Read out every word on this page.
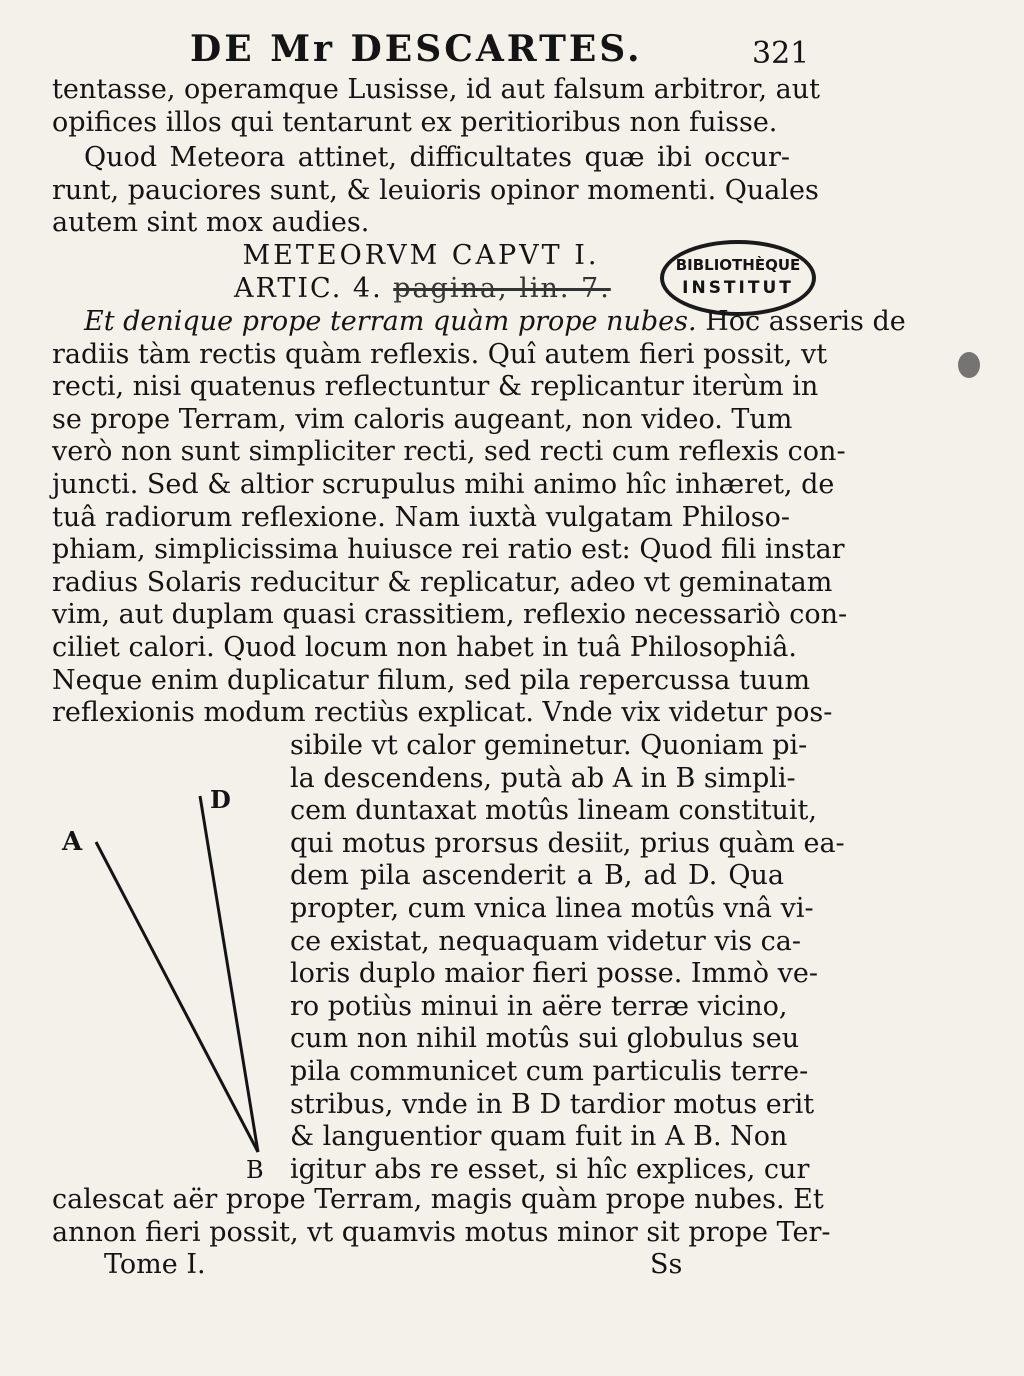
DE Mr DESCARTES.	321
tentasse, operamque Lusisse, id aut falsum arbitror, aut
opifices illos qui tentarunt ex peritioribus non fuisse.
Quod Meteora attinet, difficultates quæ ibi occur-
runt, pauciores sunt, & leuioris opinor momenti. Quales
autem sint mox audies.
METEORVM CAPVT I.
ARTIC. 4. pagina, lin. 7.
BIBLIOTHÈQUE
INSTITUT
Et denique prope terram quàm prope nubes. Hoc asseris de
radiis tàm rectis quàm reflexis. Quî autem fieri possit, vt
recti, nisi quatenus reflectuntur & replicantur iterùm in
se prope Terram, vim caloris augeant, non video. Tum
verò non sunt simpliciter recti, sed recti cum reflexis con-
juncti. Sed & altior scrupulus mihi animo hîc inhæret, de
tuâ radiorum reflexione. Nam iuxtà vulgatam Philoso-
phiam, simplicissima huiusce rei ratio est: Quod fili instar
radius Solaris reducitur & replicatur, adeo vt geminatam
vim, aut duplam quasi crassitiem, reflexio necessariò con-
ciliet calori. Quod locum non habet in tuâ Philosophiâ.
Neque enim duplicatur filum, sed pila repercussa tuum
reflexionis modum rectiùs explicat. Vnde vix videtur pos-
sibile vt calor geminetur. Quoniam pi-
la descendens, putà ab A in B simpli-
cem duntaxat motûs lineam constituit,
qui motus prorsus desiit, prius quàm ea-
dem pila ascenderit a B, ad D. Qua
propter, cum vnica linea motûs vnâ vi-
ce existat, nequaquam videtur vis ca-
loris duplo maior fieri posse. Immò ve-
ro potiùs minui in aëre terræ vicino,
cum non nihil motûs sui globulus seu
pila communicet cum particulis terre-
stribus, vnde in B D tardior motus erit
& languentior quam fuit in A B. Non
igitur abs re esset, si hîc explices, cur
A
B
D
calescat aër prope Terram, magis quàm prope nubes. Et
annon fieri possit, vt quamvis motus minor sit prope Ter-
Tome I.	Ss
